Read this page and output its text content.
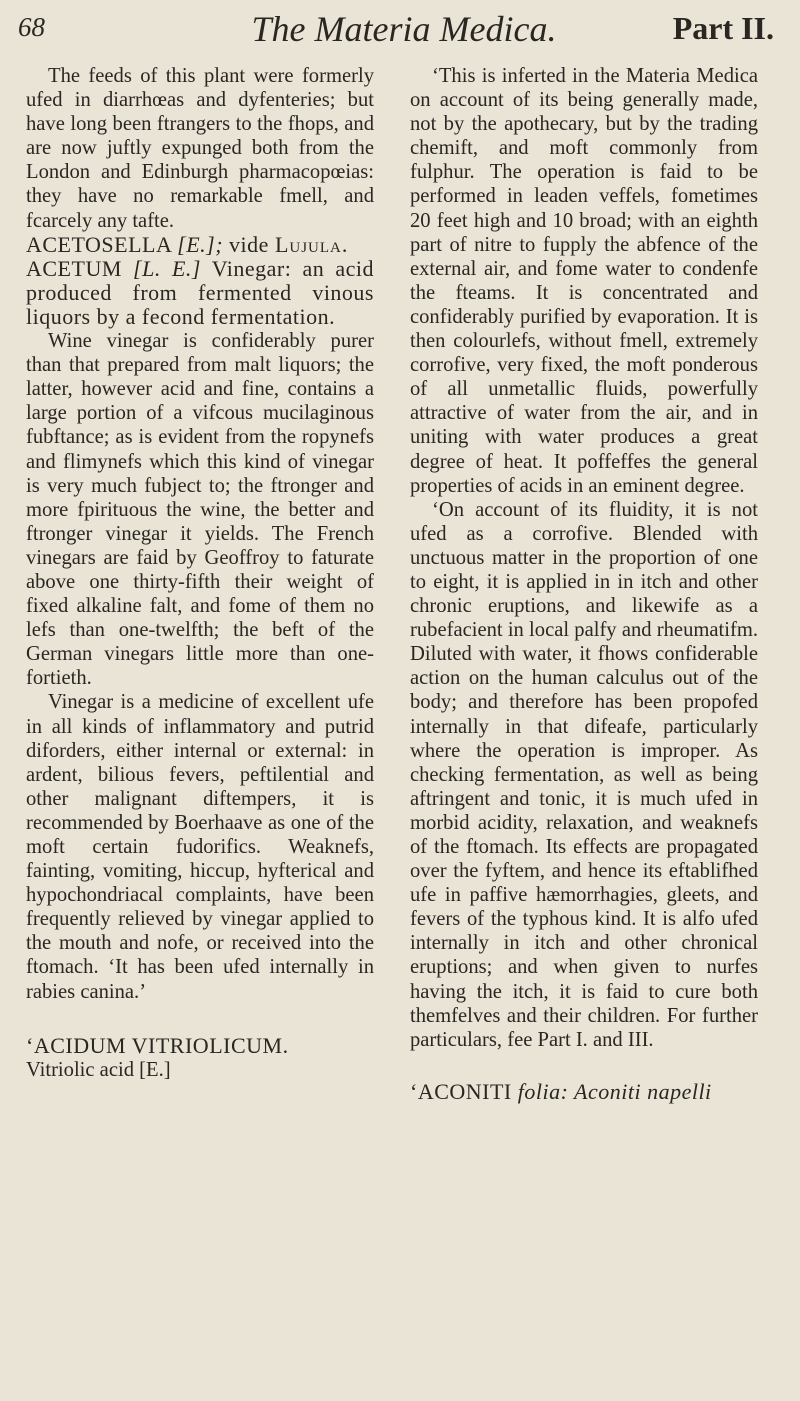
68	The Materia Medica.	Part II.

The feeds of this plant were formerly ufed in diarrhœas and dyfenteries; but have long been ftrangers to the fhops, and are now juftly expunged both from the London and Edinburgh pharmacopœias: they have no remarkable fmell, and fcarcely any tafte.

ACETOSELLA [E.]; vide Lujula.

ACETUM [L. E.] Vinegar: an acid produced from fermented vinous liquors by a fecond fermentation.

Wine vinegar is confiderably purer than that prepared from malt liquors; the latter, however acid and fine, contains a large portion of a vifcous mucilaginous fubftance; as is evident from the ropynefs and flimynefs which this kind of vinegar is very much fubject to; the ftronger and more fpirituous the wine, the better and ftronger vinegar it yields. The French vinegars are faid by Geoffroy to faturate above one thirty-fifth their weight of fixed alkaline falt, and fome of them no lefs than one-twelfth; the beft of the German vinegars little more than one-fortieth.

Vinegar is a medicine of excellent ufe in all kinds of inflammatory and putrid diforders, either internal or external: in ardent, bilious fevers, peftilential and other malignant diftempers, it is recommended by Boerhaave as one of the moft certain fudorifics. Weaknefs, fainting, vomiting, hiccup, hyfterical and hypochondriacal complaints, have been frequently relieved by vinegar applied to the mouth and nofe, or received into the ftomach. ‘It has been ufed internally in rabies canina.’

‘ACIDUM VITRIOLICUM.

Vitriolic acid [E.]

‘This is inferted in the Materia Medica on account of its being generally made, not by the apothecary, but by the trading chemift, and moft commonly from fulphur. The operation is faid to be performed in leaden veffels, fometimes 20 feet high and 10 broad; with an eighth part of nitre to fupply the abfence of the external air, and fome water to condenfe the fteams. It is concentrated and confiderably purified by evaporation. It is then colourlefs, without fmell, extremely corrofive, very fixed, the moft ponderous of all unmetallic fluids, powerfully attractive of water from the air, and in uniting with water produces a great degree of heat. It poffeffes the general properties of acids in an eminent degree.

‘On account of its fluidity, it is not ufed as a corrofive. Blended with unctuous matter in the proportion of one to eight, it is applied in in itch and other chronic eruptions, and likewife as a rubefacient in local palfy and rheumatifm. Diluted with water, it fhows confiderable action on the human calculus out of the body; and therefore has been propofed internally in that difeafe, particularly where the operation is improper. As checking fermentation, as well as being aftringent and tonic, it is much ufed in morbid acidity, relaxation, and weaknefs of the ftomach. Its effects are propagated over the fyftem, and hence its eftablifhed ufe in paffive hæmorrhagies, gleets, and fevers of the typhous kind. It is alfo ufed internally in itch and other chronical eruptions; and when given to nurfes having the itch, it is faid to cure both themfelves and their children. For further particulars, fee Part I. and III.

‘ACONITI folia: Aconiti napelli
